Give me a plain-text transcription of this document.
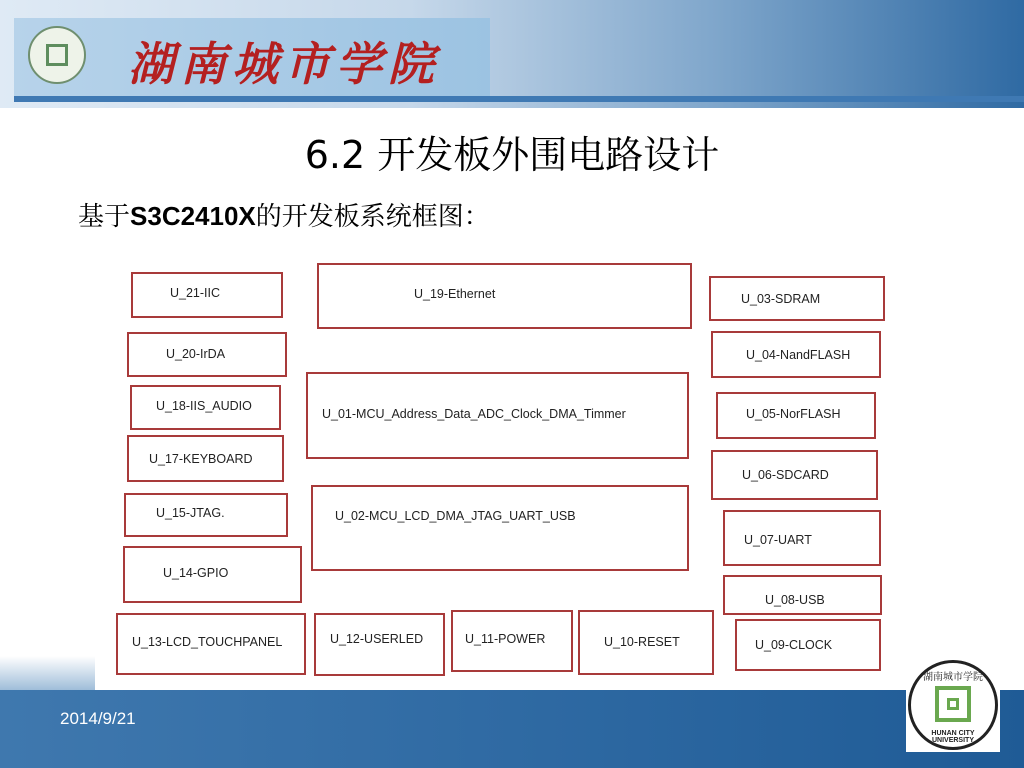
湖南城市学院
6.2 开发板外围电路设计
基于S3C2410X的开发板系统框图：
U_21-IIC	U_19-Ethernet	U_03-SDRAM
U_20-IrDA	U_04-NandFLASH
U_18-IIS_AUDIO
U_01-MCU_Address_Data_ADC_Clock_DMA_Timmer	U_05-NorFLASH
U_17-KEYBOARD
U_06-SDCARD
U_15-JTAG.	U_02-MCU_LCD_DMA_JTAG_UART_USB
U_07-UART
U_14-GPIO
U_08-USB
U_13-LCD_TOUCHPANEL	U_12-USERLED	U_11-POWER	U_10-RESET	U_09-CLOCK
2014/9/21
湖南城市学院
HUNAN CITY UNIVERSITY
